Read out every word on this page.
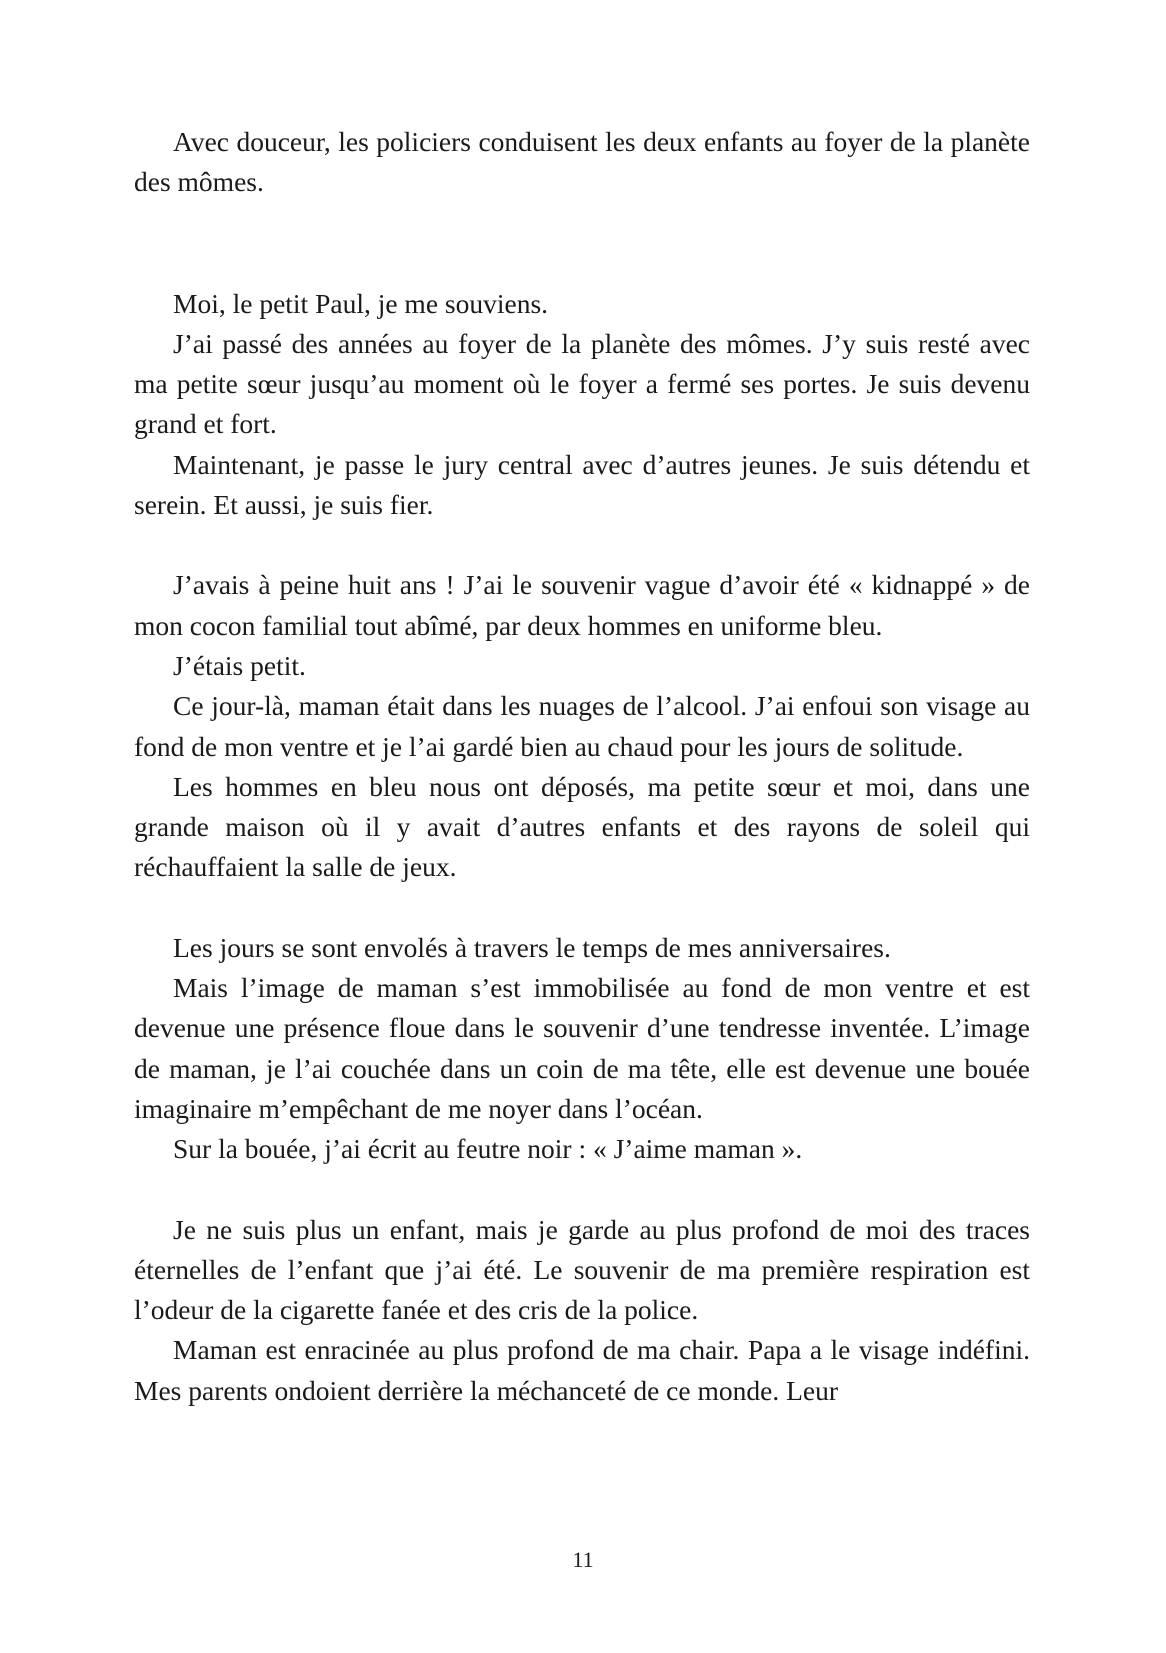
Avec douceur, les policiers conduisent les deux enfants au foyer de la planète des mômes.

Moi, le petit Paul, je me souviens.

J’ai passé des années au foyer de la planète des mômes. J’y suis resté avec ma petite sœur jusqu’au moment où le foyer a fermé ses portes. Je suis devenu grand et fort.

Maintenant, je passe le jury central avec d’autres jeunes. Je suis détendu et serein. Et aussi, je suis fier.

J’avais à peine huit ans ! J’ai le souvenir vague d’avoir été « kidnappé » de mon cocon familial tout abîmé, par deux hommes en uniforme bleu.

J’étais petit.

Ce jour-là, maman était dans les nuages de l’alcool. J’ai enfoui son visage au fond de mon ventre et je l’ai gardé bien au chaud pour les jours de solitude.

Les hommes en bleu nous ont déposés, ma petite sœur et moi, dans une grande maison où il y avait d’autres enfants et des rayons de soleil qui réchauffaient la salle de jeux.

Les jours se sont envolés à travers le temps de mes anniversaires.

Mais l’image de maman s’est immobilisée au fond de mon ventre et est devenue une présence floue dans le souvenir d’une tendresse inventée. L’image de maman, je l’ai couchée dans un coin de ma tête, elle est devenue une bouée imaginaire m’empêchant de me noyer dans l’océan.

Sur la bouée, j’ai écrit au feutre noir : « J’aime maman ».

Je ne suis plus un enfant, mais je garde au plus profond de moi des traces éternelles de l’enfant que j’ai été. Le souvenir de ma première respiration est l’odeur de la cigarette fanée et des cris de la police.

Maman est enracinée au plus profond de ma chair. Papa a le visage indéfini. Mes parents ondoient derrière la méchanceté de ce monde. Leur

11
